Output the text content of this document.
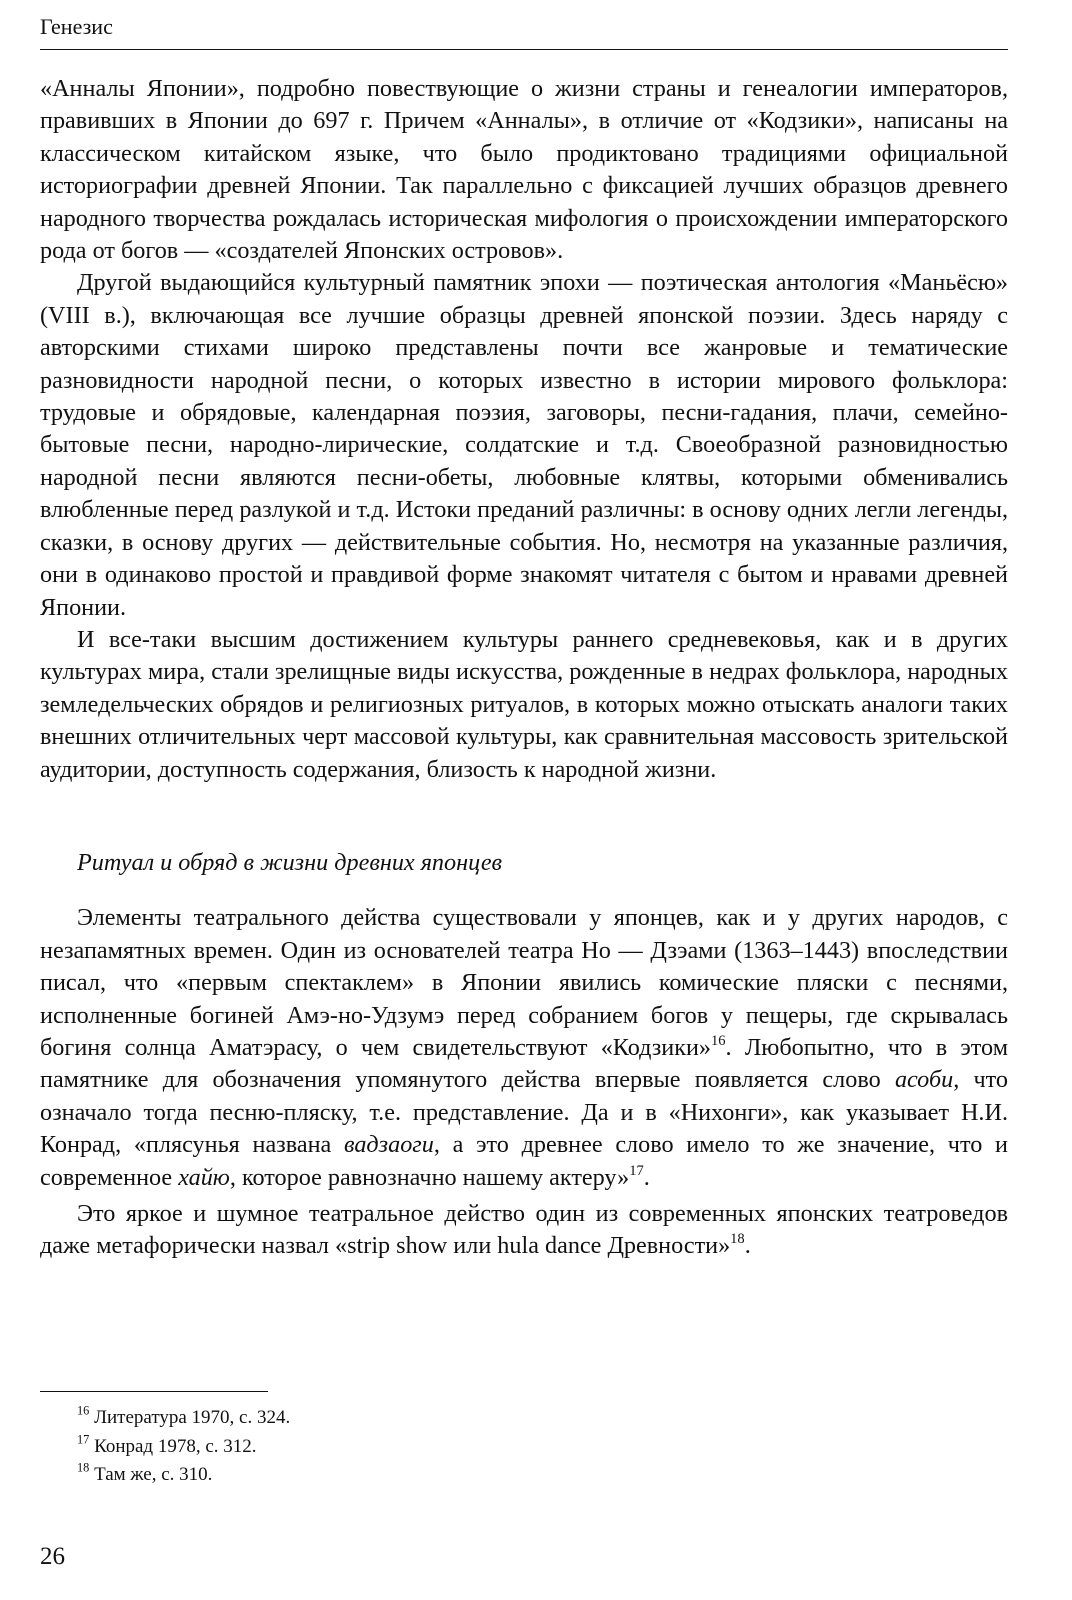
Генезис

«Анналы Японии», подробно повествующие о жизни страны и генеалогии императоров, правивших в Японии до 697 г. Причем «Анналы», в отличие от «Кодзики», написаны на классическом китайском языке, что было продиктовано традициями официальной историографии древней Японии. Так параллельно с фиксацией лучших образцов древнего народного творчества рождалась историческая мифология о происхождении императорского рода от богов — «создателей Японских островов».

Другой выдающийся культурный памятник эпохи — поэтическая антология «Маньёсю» (VIII в.), включающая все лучшие образцы древней японской поэзии. Здесь наряду с авторскими стихами широко представлены почти все жанровые и тематические разновидности народной песни, о которых известно в истории мирового фольклора: трудовые и обрядовые, календарная поэзия, заговоры, песни-гадания, плачи, семейно-бытовые песни, народно-лирические, солдатские и т.д. Своеобразной разновидностью народной песни являются песни-обеты, любовные клятвы, которыми обменивались влюбленные перед разлукой и т.д. Истоки преданий различны: в основу одних легли легенды, сказки, в основу других — действительные события. Но, несмотря на указанные различия, они в одинаково простой и правдивой форме знакомят читателя с бытом и нравами древней Японии.

И все-таки высшим достижением культуры раннего средневековья, как и в других культурах мира, стали зрелищные виды искусства, рожденные в недрах фольклора, народных земледельческих обрядов и религиозных ритуалов, в которых можно отыскать аналоги таких внешних отличительных черт массовой культуры, как сравнительная массовость зрительской аудитории, доступность содержания, близость к народной жизни.

Ритуал и обряд в жизни древних японцев

Элементы театрального действа существовали у японцев, как и у других народов, с незапамятных времен. Один из основателей театра Но — Дзэами (1363–1443) впоследствии писал, что «первым спектаклем» в Японии явились комические пляски с песнями, исполненные богиней Амэ-но-Удзумэ перед собранием богов у пещеры, где скрывалась богиня солнца Аматэрасу, о чем свидетельствуют «Кодзики»$^{16}$. Любопытно, что в этом памятнике для обозначения упомянутого действа впервые появляется слово асоби, что означало тогда песню-пляску, т.е. представление. Да и в «Нихонги», как указывает Н.И. Конрад, «плясунья названа вадзаоги, а это древнее слово имело то же значение, что и современное хайю, которое равнозначно нашему актеру»$^{17}$.

Это яркое и шумное театральное действо один из современных японских театроведов даже метафорически назвал «strip show или hula dance Древности»$^{18}$.

$^{16}$ Литература 1970, с. 324.
$^{17}$ Конрад 1978, с. 312.
$^{18}$ Там же, с. 310.
26
